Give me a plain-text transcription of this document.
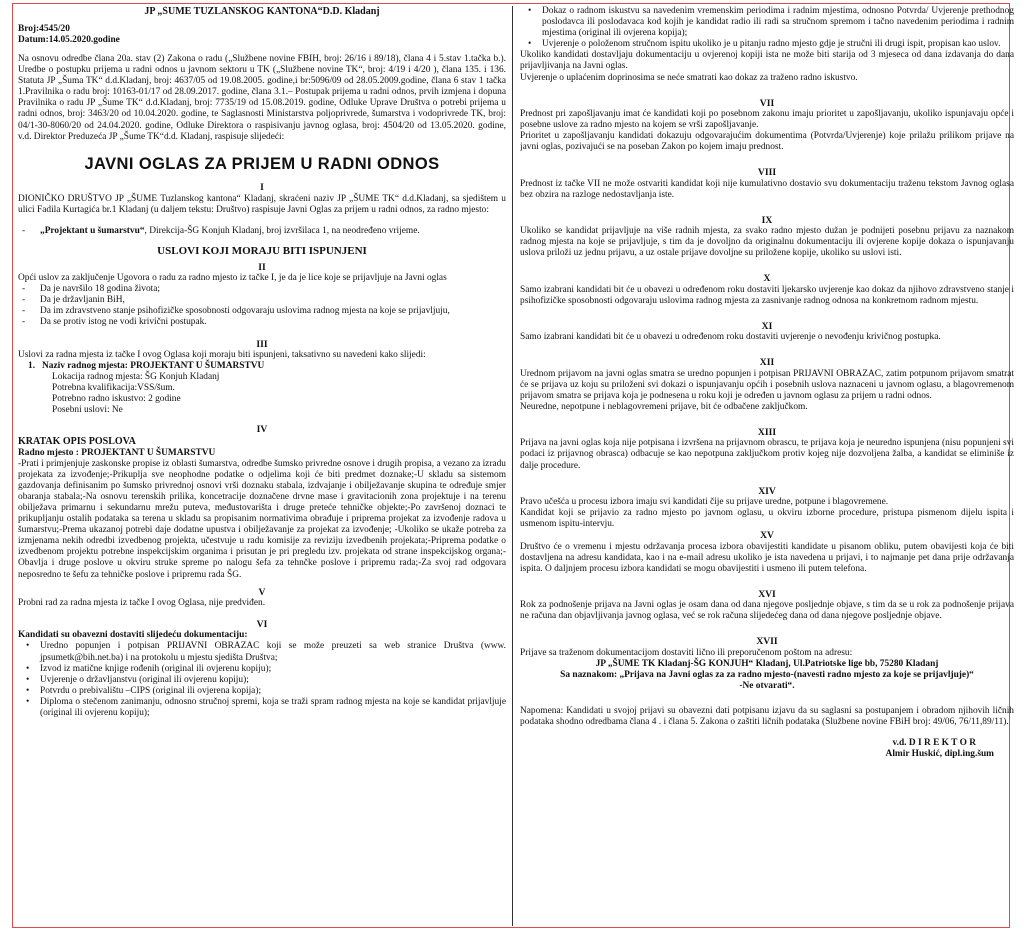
JP „ŠUME TUZLANSKOG KANTONA“D.D. Kladanj

Broj:4545/20

Datum:14.05.2020.godine

Na osnovu odredbe člana 20a. stav (2) Zakona o radu („Službene novine FBIH, broj: 26/16 i 89/18), člana 4 i 5.stav 1.tačka b.). Uredbe o postupku prijema u radni odnos u javnom sektoru u TK („Službene novine TK“, broj: 4/19 i 4/20 ), člana 135. i 136. Statuta JP „Šuma TK“ d.d.Kladanj, broj: 4637/05 od 19.08.2005. godine,i br:5096/09 od 28.05.2009.godine, člana 6 stav 1 tačka 1.Pravilnika o radu broj: 10163-01/17 od 28.09.2017. godine, člana 3.1.– Postupak prijema u radni odnos, prvih izmjena i dopuna Pravilnika o radu JP „Šume TK“ d.d.Kladanj, broj: 7735/19 od 15.08.2019. godine, Odluke Uprave Društva o potrebi prijema u radni odnos, broj: 3463/20 od 10.04.2020. godine, te Saglasnosti Ministarstva poljoprivrede, šumarstva i vodoprivrede TK, broj: 04/1-30-8060/20 od 24.04.2020. godine, Odluke Direktora o raspisivanju javnog oglasa, broj: 4504/20 od 13.05.2020. godine, v.d. Direktor Preduzeća JP „Šume TK“d.d. Kladanj, raspisuje slijedeći:

JAVNI OGLAS ZA PRIJEM U RADNI ODNOS

I

DIONIČKO DRUŠTVO JP „ŠUME Tuzlanskog kantona“ Kladanj, skraćeni naziv JP „ŠUME TK“ d.d.Kladanj, sa sjedištem u ulici Fadila Kurtagića br.1 Kladanj (u daljem tekstu: Društvo) raspisuje Javni Oglas za prijem u radni odnos, za radno mjesto:

- „Projektant u šumarstvu“, Direkcija-ŠG Konjuh Kladanj, broj izvršilaca 1, na neodređeno vrijeme.

USLOVI KOJI MORAJU BITI ISPUNJENI

II

Opći uslov za zaključenje Ugovora o radu za radno mjesto iz tačke I, je da je lice koje se prijavljuje na Javni oglas

- Da je navršilo 18 godina života;

- Da je državljanin BiH,

- Da im zdravstveno stanje psihofizičke sposobnosti odgovaraju uslovima radnog mjesta na koje se prijavljuju,

- Da se protiv istog ne vodi krivični postupak.

III

Uslovi za radna mjesta iz tačke I ovog Oglasa koji moraju biti ispunjeni, taksativno su navedeni kako slijedi:

1. Naziv radnog mjesta: PROJEKTANT U ŠUMARSTVU

Lokacija radnog mjesta: ŠG Konjuh Kladanj

Potrebna kvalifikacija:VSS/šum.

Potrebno radno iskustvo: 2 godine

Posebni uslovi: Ne

IV

KRATAK OPIS POSLOVA

Radno mjesto : PROJEKTANT U ŠUMARSTVU

-Prati i primjenjuje zaskonske propise iz oblasti šumarstva, odredbe šumsko privredne osnove i drugih propisa, a vezano za izradu projekata za izvođenje;-Prikuplja sve neophodne podatke o odjelima koji će biti predmet doznake;-U skladu sa sistemom gazdovanja definisanim po šumsko privrednoj osnovi vrši doznaku stabala, izdvajanje i obilježavanje skupina te određuje smjer obaranja stabala;-Na osnovu terenskih prilika, koncetracije doznačene drvne mase i gravitacionih zona projektuje i na terenu obilježava primarnu i sekundarnu mrežu puteva, međustovarišta i druge preteće tehničke objekte;-Po završenoj doznaci te prikupljanju ostalih podataka sa terena u skladu sa propisanim normativima obrađuje i priprema projekat za izvođenje radova u šumarstvu;-Prema ukazanoj potrebi daje dodatne upustva i obilježavanje za projekat za izvođenje; -Ukoliko se ukaže potreba za izmjenama nekih odredbi izvedbenog projekta, učestvuje u radu komisije za reviziju izvedbenih projekata;-Priprema podatke o izvedbenom projektu potrebne inspekcijskim organima i prisutan je pri pregledu izv. projekata od strane inspekcijskog organa;-Obavlja i druge poslove u okviru struke spreme po nalogu šefa za tehnčke poslove i pripremu rada;-Za svoj rad odgovara neposredno te šefu za tehničke poslove i pripremu rada ŠG.

V

Probni rad za radna mjesta iz tačke I ovog Oglasa, nije predviđen.

VI

Kandidati su obavezni dostaviti slijedeću dokumentaciju:

• Uredno popunjen i potpisan PRIJAVNI OBRAZAC koji se može preuzeti sa web stranice Društva (www. jpsumetk@bih.net.ba) i na protokolu u mjestu sjedišta Društva;
• Izvod iz matične knjige rođenih (original ili ovjerenu kopiju);
• Uvjerenje o državljanstvu (original ili ovjerenu kopiju);
• Potvrdu o prebivalištu –CIPS (original ili ovjerena kopija);
• Diploma o stečenom zanimanju, odnosno stručnoj spremi, koja se traži spram radnog mjesta na koje se kandidat prijavljuje (original ili ovjerenu kopiju);
• Dokaz o radnom iskustvu sa navedenim vremenskim periodima i radnim mjestima, odnosno Potvrda/ Uvjerenje prethodnog poslodavca ili poslodavaca kod kojih je kandidat radio ili radi sa stručnom spremom i tačno navedenim periodima i radnim mjestima (original ili ovjerena kopija);
• Uvjerenje o položenom stručnom ispitu ukoliko je u pitanju radno mjesto gdje je stručni ili drugi ispit, propisan kao uslov.

Ukoliko kandidati dostavljaju dokumentaciju u ovjerenoj kopiji ista ne može biti starija od 3 mjeseca od dana izdavanja do dana prijavljivanja na Javni oglas.

Uvjerenje o uplaćenim doprinosima se neće smatrati kao dokaz za traženo radno iskustvo.

VII

Prednost pri zapošljavanju imat će kandidati koji po posebnom zakonu imaju prioritet u zapošljavanju, ukoliko ispunjavaju opće i posebne uslove za radno mjesto na kojem se vrši zapošljavanje.

Prioritet u zapošljavanju kandidati dokazuju odgovarajućim dokumentima (Potvrda/Uvjerenje) koje prilažu prilikom prijave na javni oglas, pozivajući se na poseban Zakon po kojem imaju prednost.

VIII

Prednost iz tačke VII ne može ostvariti kandidat koji nije kumulativno dostavio svu dokumentaciju traženu tekstom Javnog oglasa bez obzira na razloge nedostavljanja iste.

IX

Ukoliko se kandidat prijavljuje na više radnih mjesta, za svako radno mjesto dužan je podnijeti posebnu prijavu za naznakom radnog mjesta na koje se prijavljuje, s tim da je dovoljno da originalnu dokumentaciju ili ovjerene kopije dokaza o ispunjavanju uslova priloži uz jednu prijavu, a uz ostale prijave dovoljne su priložene kopije, ukoliko su uslovi isti.

X

Samo izabrani kandidati bit će u obavezi u određenom roku dostaviti ljekarsko uvjerenje kao dokaz da njihovo zdravstveno stanje i psihofizičke sposobnosti odgovaraju uslovima radnog mjesta za zasnivanje radnog odnosa na konkretnom radnom mjestu.

XI

Samo izabrani kandidati bit će u obavezi u određenom roku dostaviti uvjerenje o nevođenju krivičnog postupka.

XII

Urednom prijavom na javni oglas smatra se uredno popunjen i potpisan PRIJAVNI OBRAZAC, zatim potpunom prijavom smatrat će se prijava uz koju su priloženi svi dokazi o ispunjavanju općih i posebnih uslova naznaceni u javnom oglasu, a blagovremenom prijavom smatra se prijava koja je podnesena u roku koji je određen u javnom oglasu za prijem u radni odnos.

Neuredne, nepotpune i neblagovremeni prijave, bit će odbačene zaključkom.

XIII

Prijava na javni oglas koja nije potpisana i izvršena na prijavnom obrascu, te prijava koja je neuredno ispunjena (nisu popunjeni svi podaci iz prijavnog obrasca) odbacuje se kao nepotpuna zaključkom protiv kojeg nije dozvoljena žalba, a kandidat se eliminiše iz dalje procedure.

XIV

Pravo učešća u procesu izbora imaju svi kandidati čije su prijave uredne, potpune i blagovremene.

Kandidat koji se prijavio za radno mjesto po javnom oglasu, u okviru izborne procedure, pristupa pismenom dijelu ispita i usmenom ispitu-intervju.

XV

Društvo će o vremenu i mjestu održavanja procesa izbora obavijestiti kandidate u pisanom obliku, putem obavijesti koja će biti dostavljena na adresu kandidata, kao i na e-mail adresu ukoliko je ista navedena u prijavi, i to najmanje pet dana prije održavanja ispita. O daljnjem procesu izbora kandidati se mogu obavijestiti i usmeno ili putem telefona.

XVI

Rok za podnošenje prijava na Javni oglas je osam dana od dana njegove posljednje objave, s tim da se u rok za podnošenje prijava ne računa dan objavljivanja javnog oglasa, već se rok računa slijedećeg dana od dana njegove posljednje objave.

XVII

Prijave sa traženom dokumentacijom dostaviti lično ili preporučenom poštom na adresu:

JP „ŠUME TK Kladanj-ŠG KONJUH“ Kladanj, Ul.Patriotske lige bb, 75280 Kladanj

Sa naznakom: „Prijava na Javni oglas za za radno mjesto-(navesti radno mjesto za koje se prijavljuje)“ -Ne otvarati“.

Napomena: Kandidati u svojoj prijavi su obavezni dati potpisanu izjavu da su saglasni sa postupanjem i obradom njihovih ličnih podataka shodno odredbama člana 4 . i člana 5. Zakona o zaštiti ličnih podataka (Službene novine FBiH broj: 49/06, 76/11,89/11).

v.d. D I R E K T O R

Almir Huskić, dipl.ing.šum
